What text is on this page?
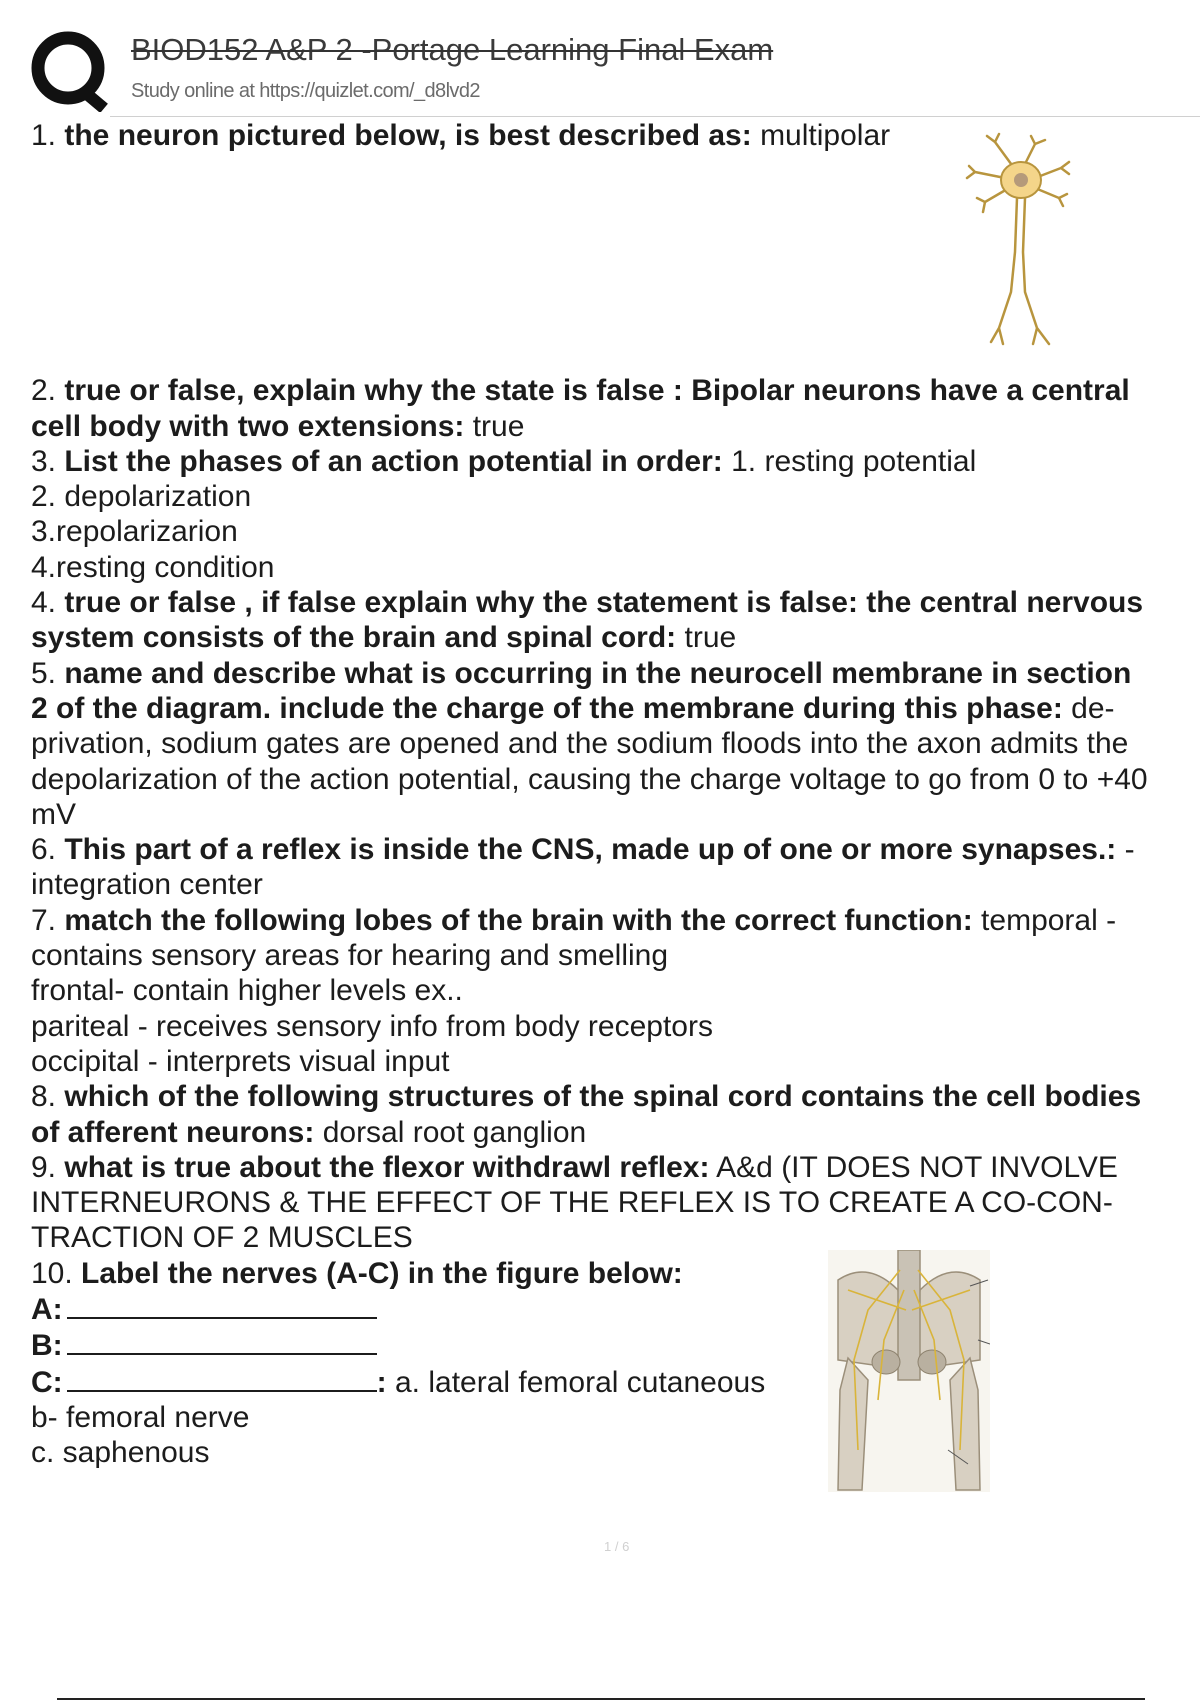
BIOD152 A&P 2 -Portage Learning Final Exam
Study online at https://quizlet.com/_d8lvd2
1. the neuron pictured below, is best described as: multipolar
2. true or false, explain why the state is false : Bipolar neurons have a central
cell body with two extensions: true
3. List the phases of an action potential in order: 1. resting potential
2. depolarization
3.repolarizarion
4.resting condition
4. true or false , if false explain why the statement is false: the central nervous
system consists of the brain and spinal cord: true
5. name and describe what is occurring in the neurocell membrane in section
2 of the diagram. include the charge of the membrane during this phase: de-
privation, sodium gates are opened and the sodium floods into the axon admits the
depolarization of the action potential, causing the charge voltage to go from 0 to +40
mV
6. This part of a reflex is inside the CNS, made up of one or more synapses.: -
integration center
7. match the following lobes of the brain with the correct function: temporal -
contains sensory areas for hearing and smelling
frontal- contain higher levels ex..
pariteal - receives sensory info from body receptors
occipital - interprets visual input
8. which of the following structures of the spinal cord contains the cell bodies
of afferent neurons: dorsal root ganglion
9. what is true about the flexor withdrawl reflex: A&d (IT DOES NOT INVOLVE
INTERNEURONS & THE EFFECT OF THE REFLEX IS TO CREATE A CO-CON-
TRACTION OF 2 MUSCLES
10. Label the nerves (A-C) in the figure below:
A:
B:
C:	: a. lateral femoral cutaneous
b- femoral nerve
c. saphenous
1 / 6
